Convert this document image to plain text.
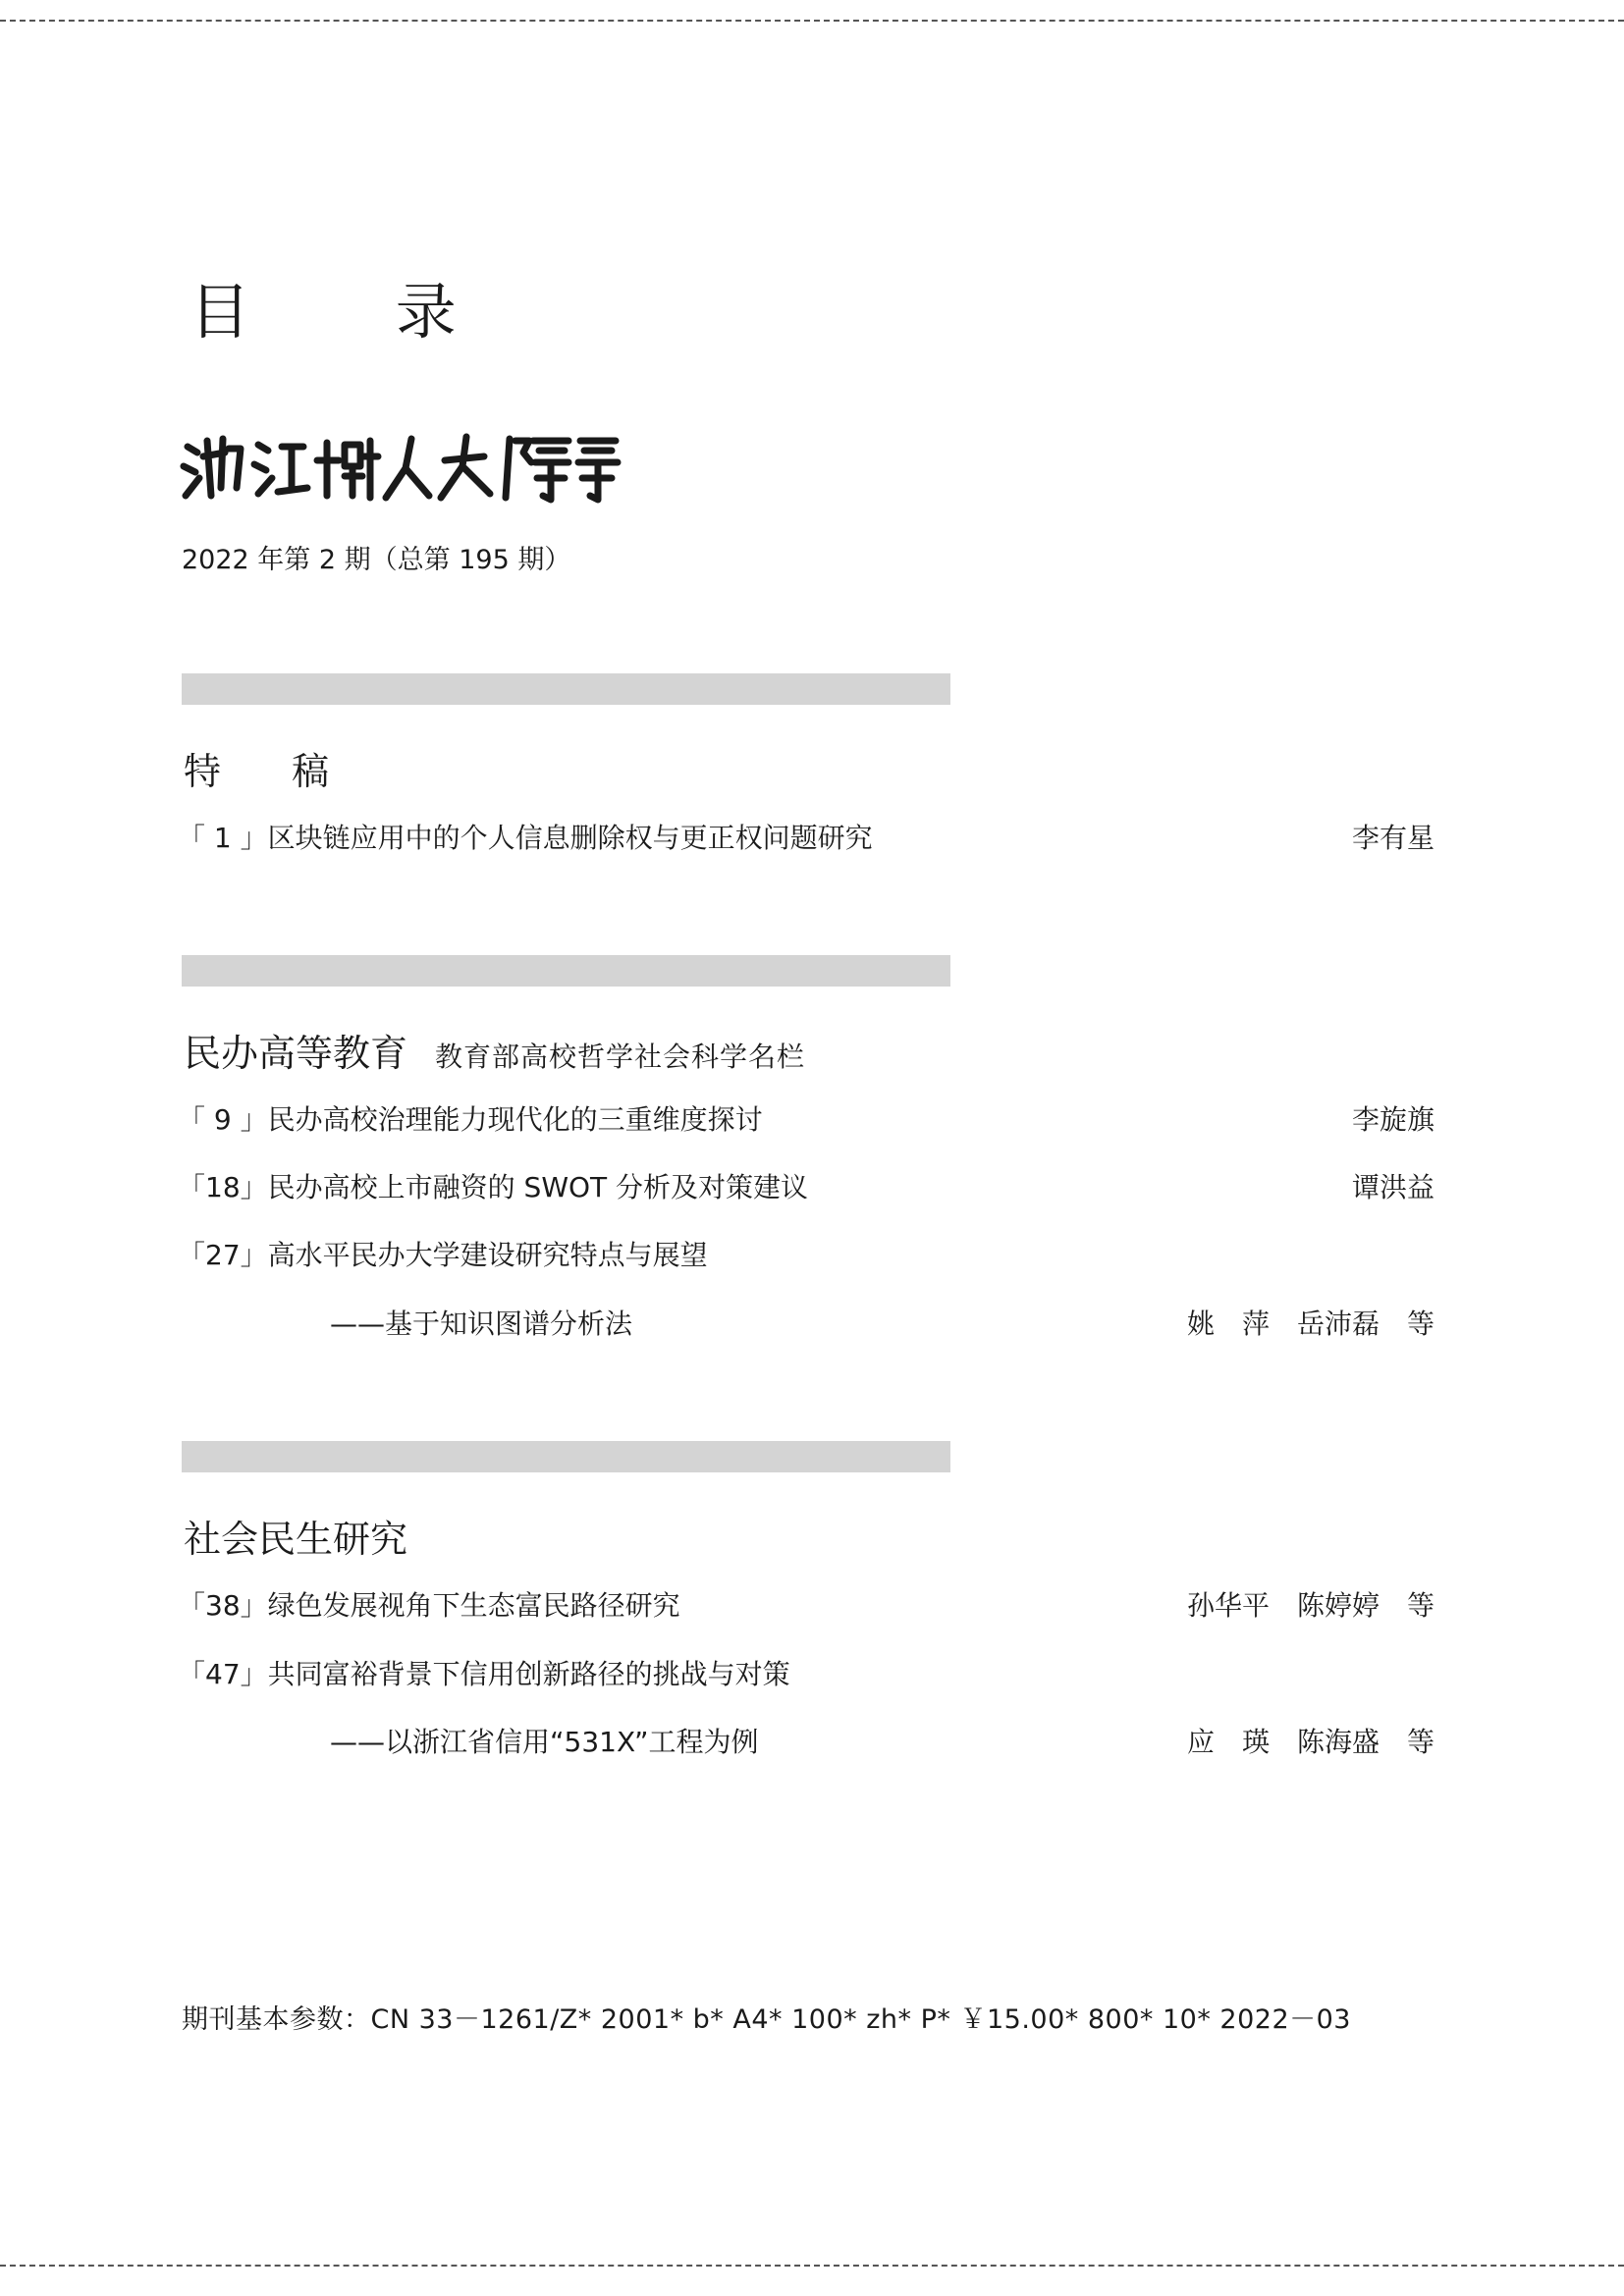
目 录
2022 年第 2 期（总第 195 期）
特 稿
「 1 」区块链应用中的个人信息删除权与更正权问题研究	李有星
民办高等教育 教育部高校哲学社会科学名栏
「 9 」民办高校治理能力现代化的三重维度探讨	李旋旗
「18」民办高校上市融资的 SWOT 分析及对策建议	谭洪益
「27」高水平民办大学建设研究特点与展望
——基于知识图谱分析法	姚　萍　岳沛磊　等
社会民生研究
「38」绿色发展视角下生态富民路径研究	孙华平　陈婷婷　等
「47」共同富裕背景下信用创新路径的挑战与对策
——以浙江省信用“531X”工程为例	应　瑛　陈海盛　等
期刊基本参数：CN 33－1261/Z* 2001* b* A4* 100* zh* P* ￥15.00* 800* 10* 2022－03
